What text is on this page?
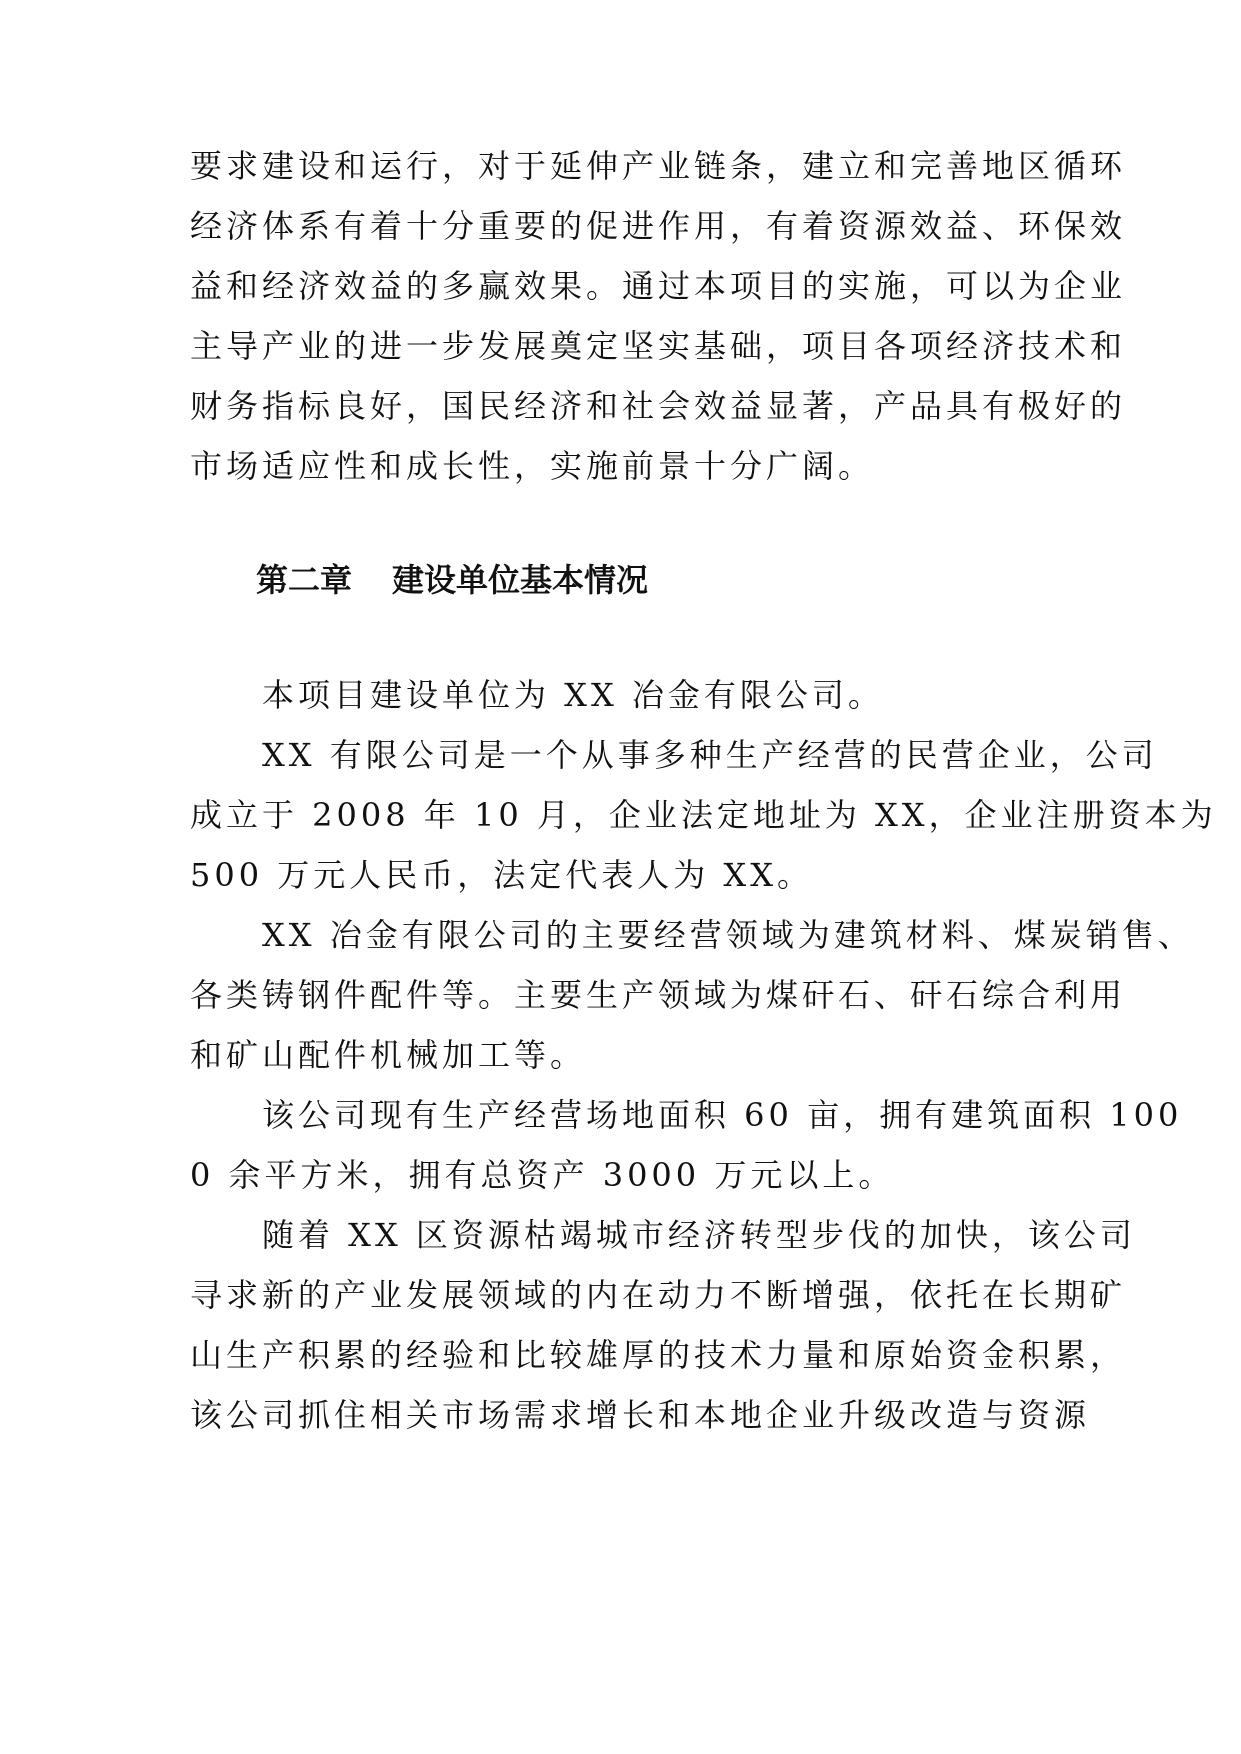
要求建设和运行，对于延伸产业链条，建立和完善地区循环
经济体系有着十分重要的促进作用，有着资源效益、环保效
益和经济效益的多赢效果。通过本项目的实施，可以为企业
主导产业的进一步发展奠定坚实基础，项目各项经济技术和
财务指标良好，国民经济和社会效益显著，产品具有极好的
市场适应性和成长性，实施前景十分广阔。
第二章 建设单位基本情况
　　本项目建设单位为 XX 冶金有限公司。
　　XX 有限公司是一个从事多种生产经营的民营企业，公司
成立于 2008 年 10 月，企业法定地址为 XX，企业注册资本为
500 万元人民币，法定代表人为 XX。
　　XX 冶金有限公司的主要经营领域为建筑材料、煤炭销售、
各类铸钢件配件等。主要生产领域为煤矸石、矸石综合利用
和矿山配件机械加工等。
　　该公司现有生产经营场地面积 60 亩，拥有建筑面积 100
0 余平方米，拥有总资产 3000 万元以上。
　　随着 XX 区资源枯竭城市经济转型步伐的加快，该公司
寻求新的产业发展领域的内在动力不断增强，依托在长期矿
山生产积累的经验和比较雄厚的技术力量和原始资金积累，
该公司抓住相关市场需求增长和本地企业升级改造与资源
